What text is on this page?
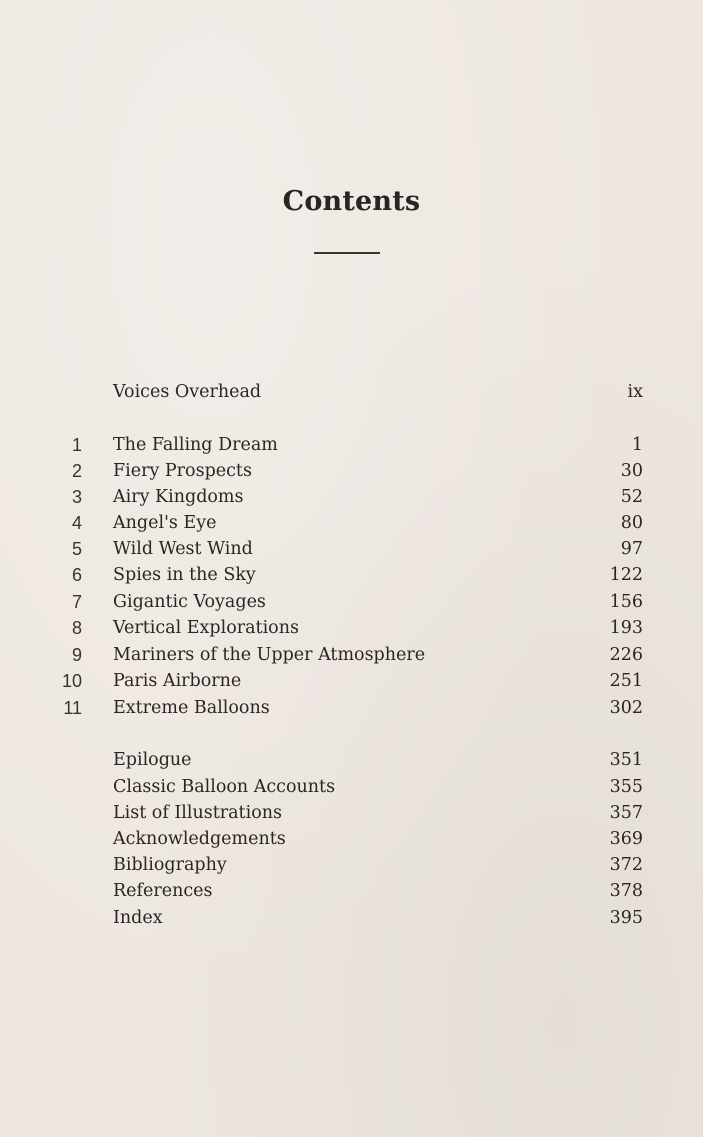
Contents
Voices Overhead	ix
1 The Falling Dream	1
2 Fiery Prospects	30
3 Airy Kingdoms	52
4 Angel's Eye	80
5 Wild West Wind	97
6 Spies in the Sky	122
7 Gigantic Voyages	156
8 Vertical Explorations	193
9 Mariners of the Upper Atmosphere	226
10 Paris Airborne	251
11 Extreme Balloons	302
Epilogue	351
Classic Balloon Accounts	355
List of Illustrations	357
Acknowledgements	369
Bibliography	372
References	378
Index	395
